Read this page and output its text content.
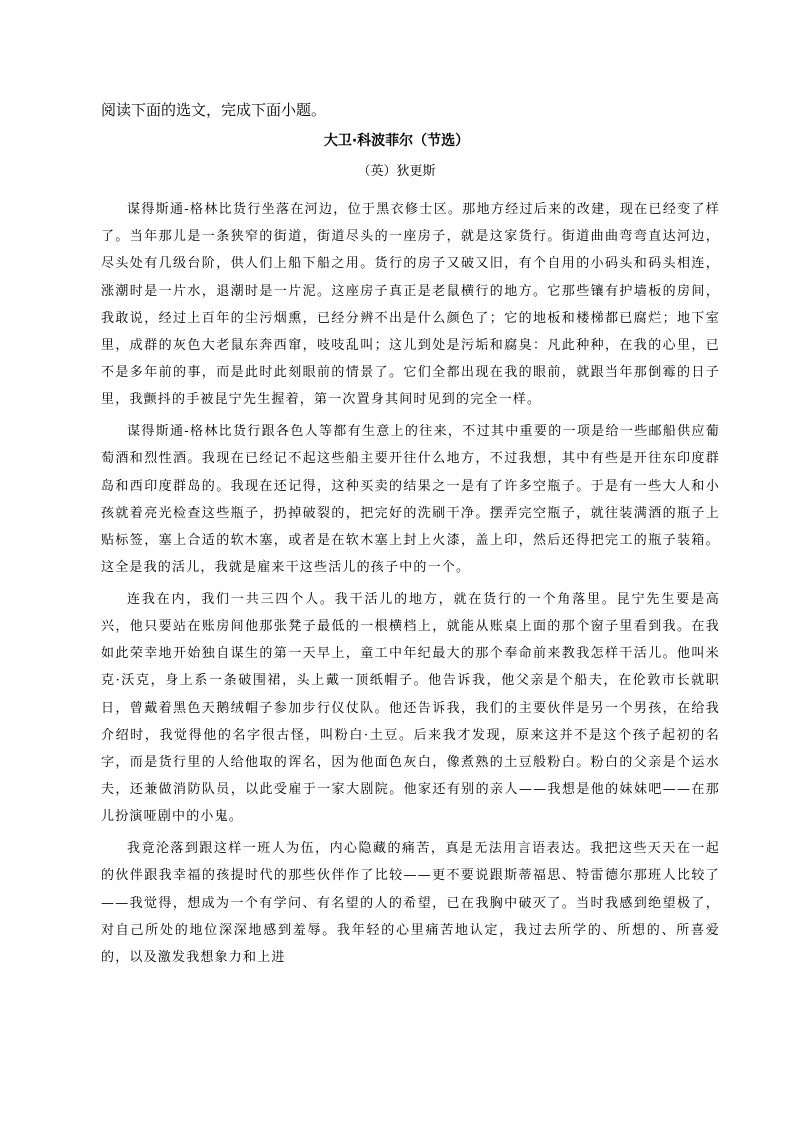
阅读下面的选文，完成下面小题。
大卫·科波菲尔（节选）
（英）狄更斯

谋得斯通-格林比货行坐落在河边，位于黑衣修士区。那地方经过后来的改建，现在已经变了样了。当年那儿是一条狭窄的街道，街道尽头的一座房子，就是这家货行。街道曲曲弯弯直达河边，尽头处有几级台阶，供人们上船下船之用。货行的房子又破又旧，有个自用的小码头和码头相连，涨潮时是一片水，退潮时是一片泥。这座房子真正是老鼠横行的地方。它那些镶有护墙板的房间，我敢说，经过上百年的尘污烟熏，已经分辨不出是什么颜色了；它的地板和楼梯都已腐烂；地下室里，成群的灰色大老鼠东奔西窜，吱吱乱叫；这儿到处是污垢和腐臭：凡此种种，在我的心里，已不是多年前的事，而是此时此刻眼前的情景了。它们全都出现在我的眼前，就跟当年那倒霉的日子里，我颤抖的手被昆宁先生握着，第一次置身其间时见到的完全一样。

谋得斯通-格林比货行跟各色人等都有生意上的往来，不过其中重要的一项是给一些邮船供应葡萄酒和烈性酒。我现在已经记不起这些船主要开往什么地方，不过我想，其中有些是开往东印度群岛和西印度群岛的。我现在还记得，这种买卖的结果之一是有了许多空瓶子。于是有一些大人和小孩就着亮光检查这些瓶子，扔掉破裂的，把完好的洗刷干净。摆弄完空瓶子，就往装满酒的瓶子上贴标签，塞上合适的软木塞，或者是在软木塞上封上火漆，盖上印，然后还得把完工的瓶子装箱。这全是我的活儿，我就是雇来干这些活儿的孩子中的一个。

连我在内，我们一共三四个人。我干活儿的地方，就在货行的一个角落里。昆宁先生要是高兴，他只要站在账房间他那张凳子最低的一根横档上，就能从账桌上面的那个窗子里看到我。在我如此荣幸地开始独自谋生的第一天早上，童工中年纪最大的那个奉命前来教我怎样干活儿。他叫米克·沃克，身上系一条破围裙，头上戴一顶纸帽子。他告诉我，他父亲是个船夫，在伦敦市长就职日，曾戴着黑色天鹅绒帽子参加步行仪仗队。他还告诉我，我们的主要伙伴是另一个男孩，在给我介绍时，我觉得他的名字很古怪，叫粉白·土豆。后来我才发现，原来这并不是这个孩子起初的名字，而是货行里的人给他取的诨名，因为他面色灰白，像煮熟的土豆般粉白。粉白的父亲是个运水夫，还兼做消防队员，以此受雇于一家大剧院。他家还有别的亲人——我想是他的妹妹吧——在那儿扮演哑剧中的小鬼。

我竟沦落到跟这样一班人为伍，内心隐藏的痛苦，真是无法用言语表达。我把这些天天在一起的伙伴跟我幸福的孩提时代的那些伙伴作了比较——更不要说跟斯蒂福思、特雷德尔那班人比较了——我觉得，想成为一个有学问、有名望的人的希望，已在我胸中破灭了。当时我感到绝望极了，对自己所处的地位深深地感到羞辱。我年轻的心里痛苦地认定，我过去所学的、所想的、所喜爱的，以及激发我想象力和上进
